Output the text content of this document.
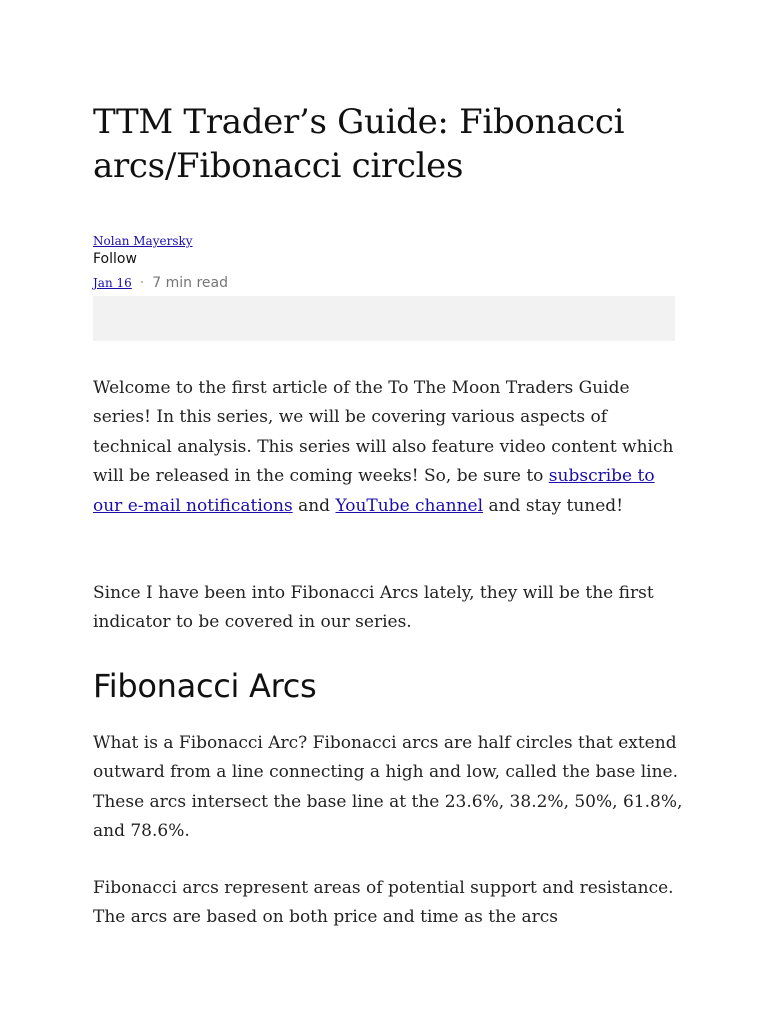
TTM Trader’s Guide: Fibonacci arcs/Fibonacci circles
Nolan Mayersky
Follow
Jan 16 · 7 min read

Welcome to the first article of the To The Moon Traders Guide series! In this series, we will be covering various aspects of technical analysis. This series will also feature video content which will be released in the coming weeks! So, be sure to subscribe to our e-mail notifications and YouTube channel and stay tuned!

Since I have been into Fibonacci Arcs lately, they will be the first indicator to be covered in our series.

Fibonacci Arcs

What is a Fibonacci Arc? Fibonacci arcs are half circles that extend outward from a line connecting a high and low, called the base line. These arcs intersect the base line at the 23.6%, 38.2%, 50%, 61.8%, and 78.6%.

Fibonacci arcs represent areas of potential support and resistance. The arcs are based on both price and time as the arcs
